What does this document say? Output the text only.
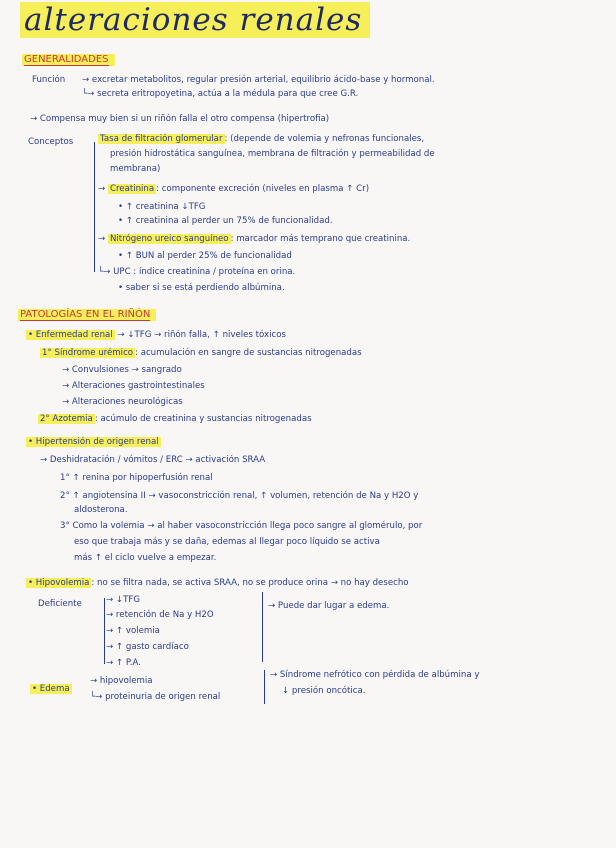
alteraciones renales
GENERALIDADES
Función → excretar metabolitos, regular presión arterial, equilibrio ácido-base y hormonal.
└→ secreta eritropoyetina, actúa a la médula para que cree G.R.
→ Compensa muy bien si un riñón falla el otro compensa (hipertrofia)
Conceptos	Tasa de filtración glomerular : (depende de volemia y nefronas funcionales,
presión hidrostática sanguínea, membrana de filtración y permeabilidad de
membrana)
→ Creatinina : componente excreción (niveles en plasma ↑ Cr)
• ↑ creatinina ↓TFG
• ↑ creatinina al perder un 75% de funcionalidad.
→ Nitrógeno ureico sanguíneo : marcador más temprano que creatinina.
• ↑ BUN al perder 25% de funcionalidad
└→ UPC : índice creatinina / proteína en orina.
• saber si se está perdiendo albúmina.
PATOLOGÍAS EN EL RIÑÓN
• Enfermedad renal → ↓TFG → riñón falla, ↑ niveles tóxicos
1° Síndrome urémico : acumulación en sangre de sustancias nitrogenadas
→ Convulsiones → sangrado
→ Alteraciones gastrointestinales
→ Alteraciones neurológicas
2° Azotemia : acúmulo de creatinina y sustancias nitrogenadas
• Hipertensión de origen renal
→ Deshidratación / vómitos / ERC → activación SRAA
1° ↑ renina por hipoperfusión renal
2° ↑ angiotensina II → vasoconstricción renal, ↑ volumen, retención de Na y H2O y
aldosterona.
3° Como la volemia → al haber vasoconstricción llega poco sangre al glomérulo, por
eso que trabaja más y se daña, edemas al llegar poco líquido se activa
más ↑ el ciclo vuelve a empezar.
• Hipovolemia : no se filtra nada, se activa SRAA, no se produce orina → no hay desecho
Deficiente	→ ↓TFG
→ retención de Na y H2O
→ ↑ volemia
→ ↑ gasto cardíaco
→ ↑ P.A.
→ Puede dar lugar a edema.
• Edema
→ hipovolemia
└→ proteinuria de origen renal
→ Síndrome nefrótico con pérdida de albúmina y
↓ presión oncótica.
